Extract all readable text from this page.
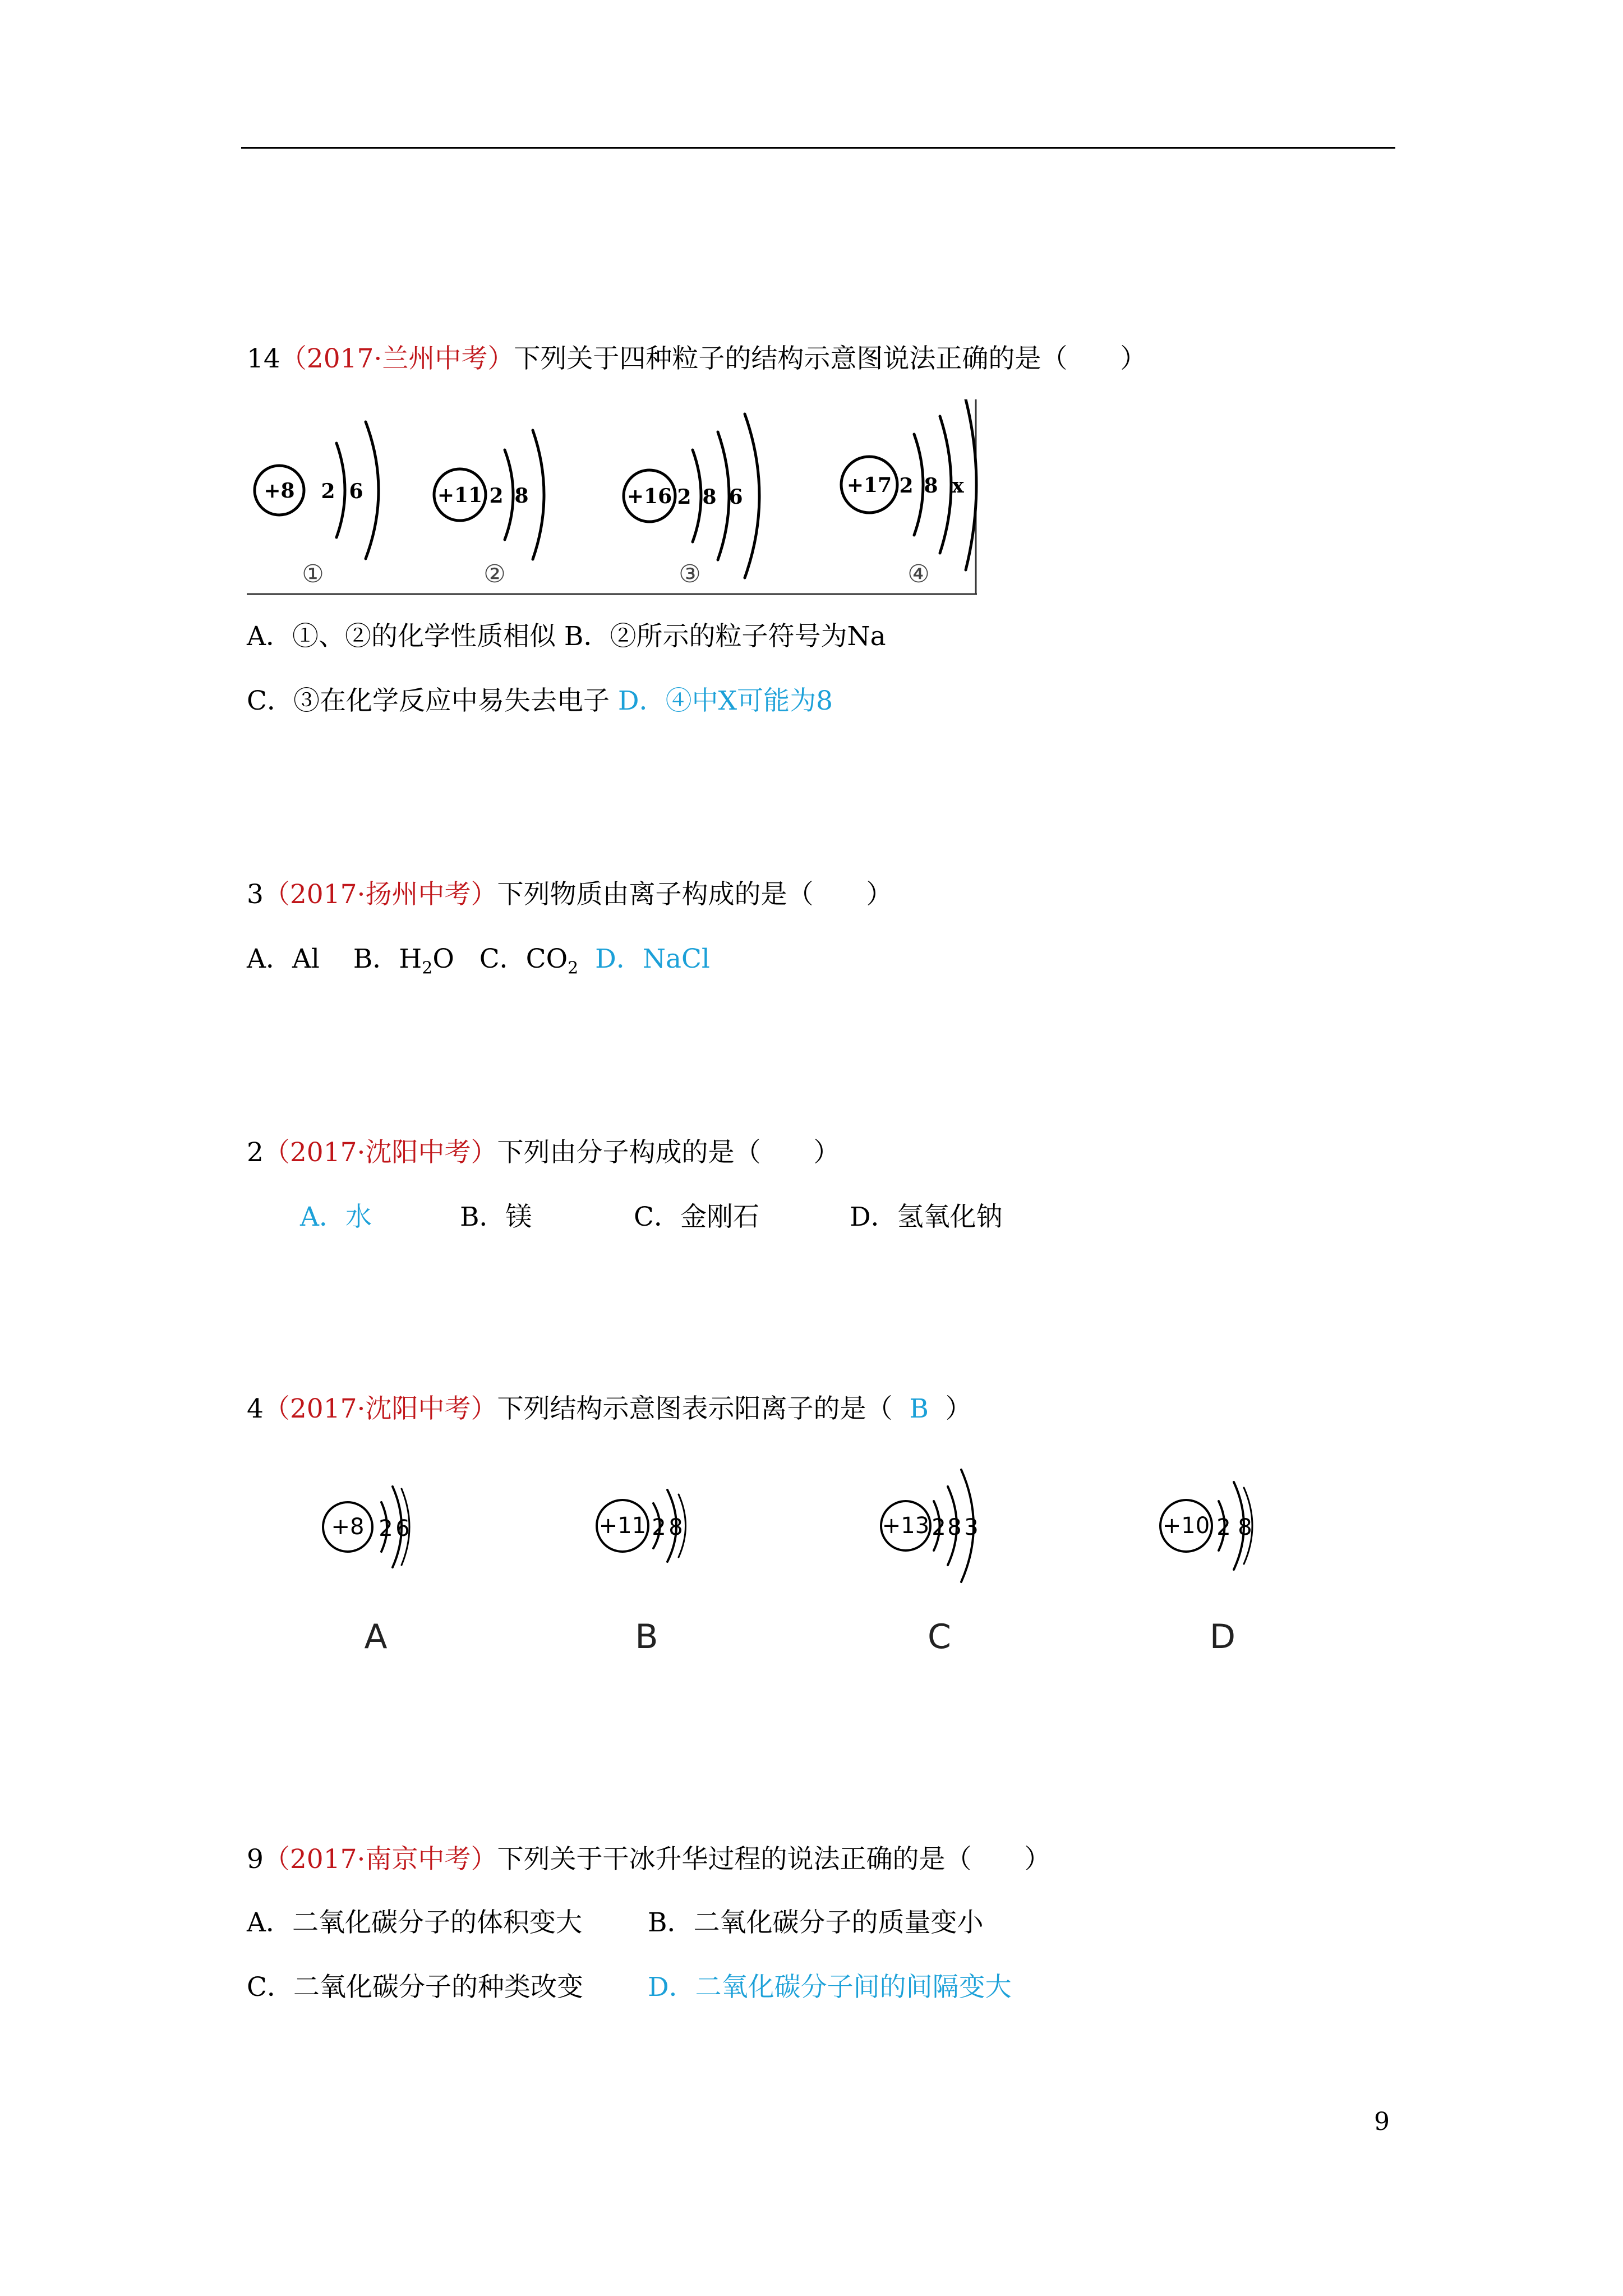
14（2017·兰州中考）下列关于四种粒子的结构示意图说法正确的是（　　）
+8 2 6	+11 2 8	+16 2 8 6	+17 2 8 x
①	②	③	④
A．①、②的化学性质相似 B．②所示的粒子符号为Na
C．③在化学反应中易失去电子 D．④中X可能为8
3（2017·扬州中考）下列物质由离子构成的是（　　）
A．Al B．$H_2O$ C．$CO_2$ D．NaCl
2（2017·沈阳中考）下列由分子构成的是（　　）
A．水	B．镁	C．金刚石	D．氢氧化钠
4（2017·沈阳中考）下列结构示意图表示阳离子的是（ B ）
+8 2 6	+11 2 8	+13 2 8 3	+10 2 8
A	B	C	D
9（2017·南京中考）下列关于干冰升华过程的说法正确的是（　　）
A．二氧化碳分子的体积变大 B．二氧化碳分子的质量变小
C．二氧化碳分子的种类改变 D．二氧化碳分子间的间隔变大
9
